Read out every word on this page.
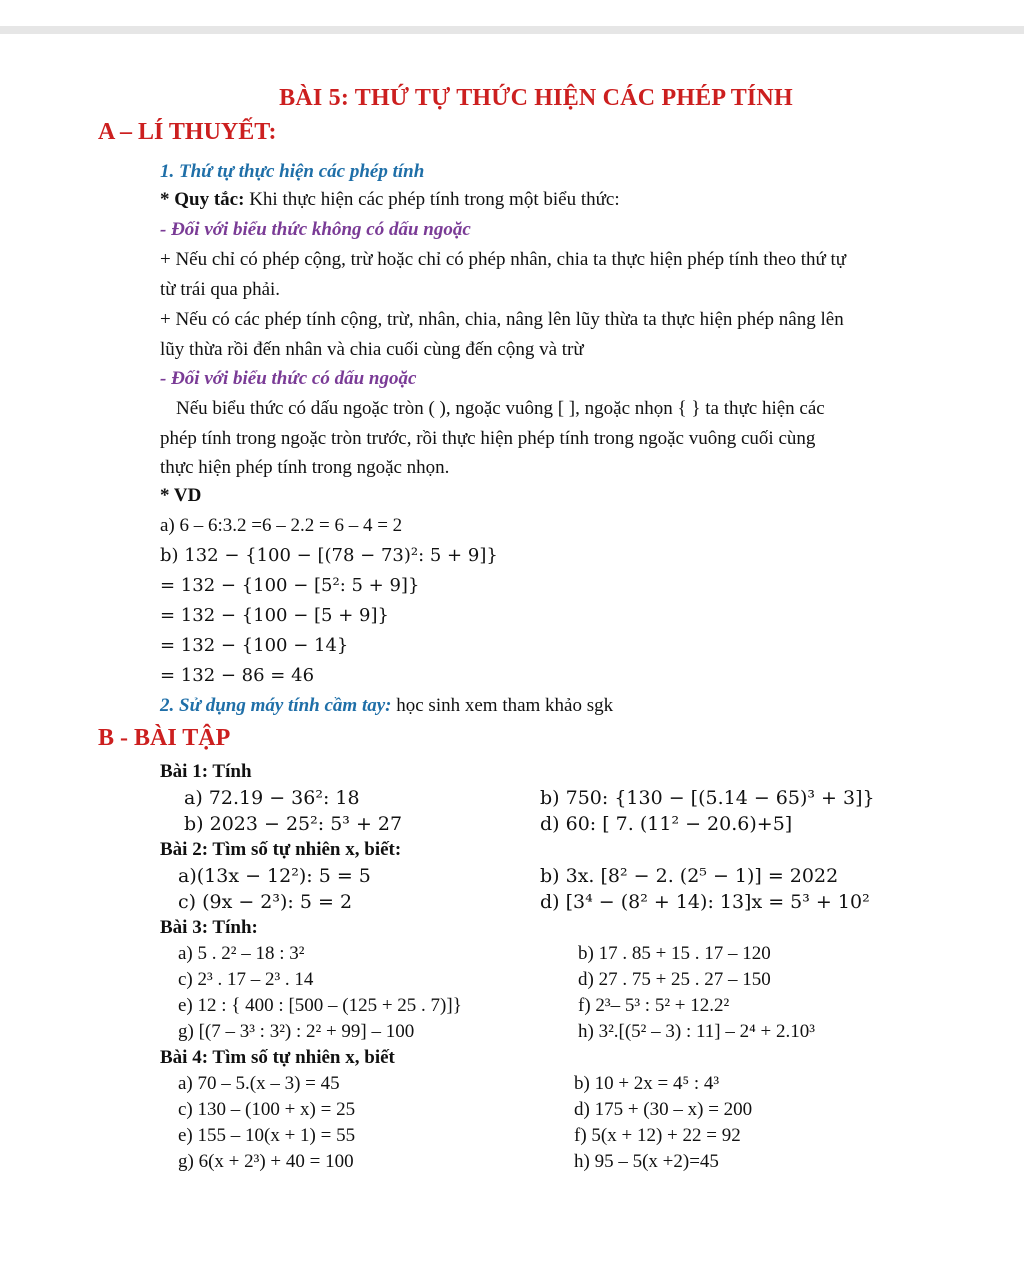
BÀI 5: THỨ TỰ THỨC HIỆN CÁC PHÉP TÍNH
A – LÍ THUYẾT:
1. Thứ tự thực hiện các phép tính
* Quy tắc: Khi thực hiện các phép tính trong một biểu thức:
- Đối với biểu thức không có dấu ngoặc
+ Nếu chỉ có phép cộng, trừ hoặc chỉ có phép nhân, chia ta thực hiện phép tính theo thứ tự
từ trái qua phải.
+ Nếu có các phép tính cộng, trừ, nhân, chia, nâng lên lũy thừa ta thực hiện phép nâng lên
lũy thừa rồi đến nhân và chia cuối cùng đến cộng và trừ
- Đối với biểu thức có dấu ngoặc
Nếu biểu thức có dấu ngoặc tròn ( ), ngoặc vuông [ ], ngoặc nhọn { } ta thực hiện các
phép tính trong ngoặc tròn trước, rồi thực hiện phép tính trong ngoặc vuông cuối cùng
thực hiện phép tính trong ngoặc nhọn.
* VD
a) 6 – 6:3.2 =6 – 2.2 = 6 – 4 = 2
b) 132 − {100 − [(78 − 73)²: 5 + 9]}
= 132 − {100 − [5²: 5 + 9]}
= 132 − {100 − [5 + 9]}
= 132 − {100 − 14}
= 132 − 86 = 46
2. Sử dụng máy tính cầm tay: học sinh xem tham khảo sgk
B - BÀI TẬP
Bài 1: Tính
a) 72.19 − 36²: 18	b) 750: {130 − [(5.14 − 65)³ + 3]}
b) 2023 − 25²: 5³ + 27	d) 60: [ 7. (11² − 20.6)+5]
Bài 2: Tìm số tự nhiên x, biết:
a)(13x − 12²): 5 = 5	b) 3x. [8² − 2. (2⁵ − 1)] = 2022
c) (9x − 2³): 5 = 2	d) [3⁴ − (8² + 14): 13]x = 5³ + 10²
Bài 3: Tính:
a) 5 . 2² – 18 : 3²	b) 17 . 85 + 15 . 17 – 120
c) 2³ . 17 – 2³ . 14	d) 27 . 75 + 25 . 27 – 150
e) 12 : { 400 : [500 – (125 + 25 . 7)]}	f) 2³– 5³ : 5² + 12.2²
g) [(7 – 3³ : 3²) : 2² + 99] – 100	h) 3².[(5² – 3) : 11] – 2⁴ + 2.10³
Bài 4: Tìm số tự nhiên x, biết
a) 70 – 5.(x – 3) = 45	b) 10 + 2x = 4⁵ : 4³
c) 130 – (100 + x) = 25	d) 175 + (30 – x) = 200
e) 155 – 10(x + 1) = 55	f) 5(x + 12) + 22 = 92
g) 6(x + 2³) + 40 = 100	h) 95 – 5(x +2)=45
